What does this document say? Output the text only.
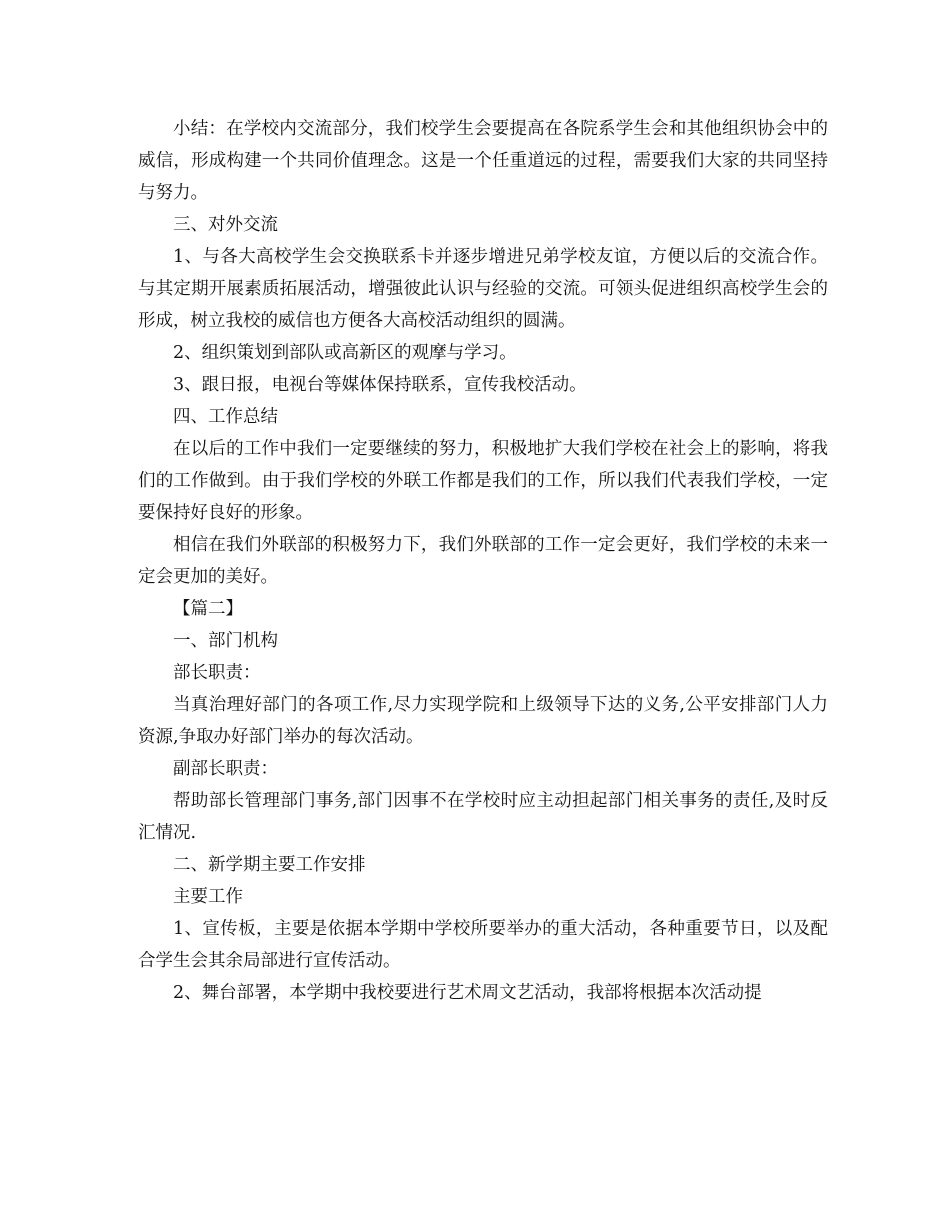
小结：在学校内交流部分，我们校学生会要提高在各院系学生会和其他组织协会中的威信，形成构建一个共同价值理念。这是一个任重道远的过程，需要我们大家的共同坚持与努力。

三、对外交流

1、与各大高校学生会交换联系卡并逐步增进兄弟学校友谊，方便以后的交流合作。与其定期开展素质拓展活动，增强彼此认识与经验的交流。可领头促进组织高校学生会的形成，树立我校的威信也方便各大高校活动组织的圆满。

2、组织策划到部队或高新区的观摩与学习。

3、跟日报，电视台等媒体保持联系，宣传我校活动。

四、工作总结

在以后的工作中我们一定要继续的努力，积极地扩大我们学校在社会上的影响，将我们的工作做到。由于我们学校的外联工作都是我们的工作，所以我们代表我们学校，一定要保持好良好的形象。

相信在我们外联部的积极努力下，我们外联部的工作一定会更好，我们学校的未来一定会更加的美好。

【篇二】

一、部门机构

部长职责：

当真治理好部门的各项工作,尽力实现学院和上级领导下达的义务,公平安排部门人力资源,争取办好部门举办的每次活动。

副部长职责：

帮助部长管理部门事务,部门因事不在学校时应主动担起部门相关事务的责任,及时反汇情况.

二、新学期主要工作安排

主要工作

1、宣传板，主要是依据本学期中学校所要举办的重大活动，各种重要节日，以及配合学生会其余局部进行宣传活动。

2、舞台部署，本学期中我校要进行艺术周文艺活动，我部将根据本次活动提
